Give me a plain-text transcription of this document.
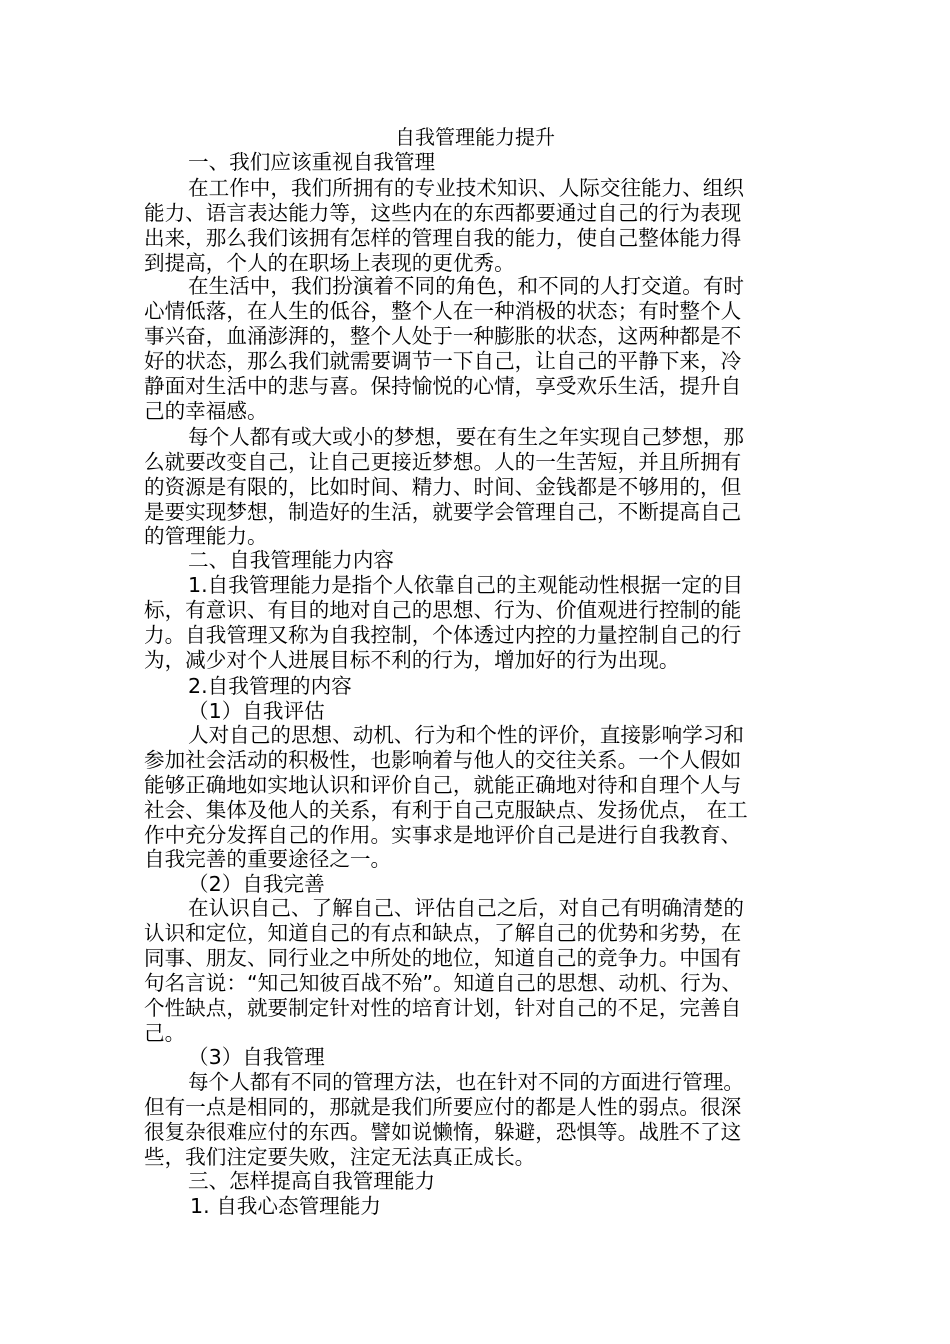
自我管理能力提升
一、我们应该重视自我管理
在工作中，我们所拥有的专业技术知识、人际交往能力、组织
能力、语言表达能力等，这些内在的东西都要通过自己的行为表现
出来，那么我们该拥有怎样的管理自我的能力，使自己整体能力得
到提高，个人的在职场上表现的更优秀。
在生活中，我们扮演着不同的角色，和不同的人打交道。有时
心情低落，在人生的低谷，整个人在一种消极的状态；有时整个人
事兴奋，血涌澎湃的，整个人处于一种膨胀的状态，这两种都是不
好的状态，那么我们就需要调节一下自己，让自己的平静下来，冷
静面对生活中的悲与喜。保持愉悦的心情，享受欢乐生活，提升自
己的幸福感。
每个人都有或大或小的梦想，要在有生之年实现自己梦想，那
么就要改变自己，让自己更接近梦想。人的一生苦短，并且所拥有
的资源是有限的，比如时间、精力、时间、金钱都是不够用的，但
是要实现梦想，制造好的生活，就要学会管理自己，不断提高自己
的管理能力。
二、自我管理能力内容
1.自我管理能力是指个人依靠自己的主观能动性根据一定的目
标，有意识、有目的地对自己的思想、行为、价值观进行控制的能
力。自我管理又称为自我控制，个体透过内控的力量控制自己的行
为，减少对个人进展目标不利的行为，增加好的行为出现。
2.自我管理的内容
（1）自我评估
人对自己的思想、动机、行为和个性的评价，直接影响学习和
参加社会活动的积极性，也影响着与他人的交往关系。一个人假如
能够正确地如实地认识和评价自己，就能正确地对待和自理个人与
社会、集体及他人的关系，有利于自己克服缺点、发扬优点， 在工
作中充分发挥自己的作用。实事求是地评价自己是进行自我教育、
自我完善的重要途径之一。
（2）自我完善
在认识自己、了解自己、评估自己之后，对自己有明确清楚的
认识和定位，知道自己的有点和缺点，了解自己的优势和劣势，在
同事、朋友、同行业之中所处的地位，知道自己的竞争力。中国有
句名言说：“知己知彼百战不殆”。知道自己的思想、动机、行为、
个性缺点，就要制定针对性的培育计划，针对自己的不足，完善自
己。
（3）自我管理
每个人都有不同的管理方法，也在针对不同的方面进行管理。
但有一点是相同的，那就是我们所要应付的都是人性的弱点。很深
很复杂很难应付的东西。譬如说懒惰，躲避，恐惧等。战胜不了这
些，我们注定要失败，注定无法真正成长。
三、怎样提高自我管理能力
1. 自我心态管理能力
